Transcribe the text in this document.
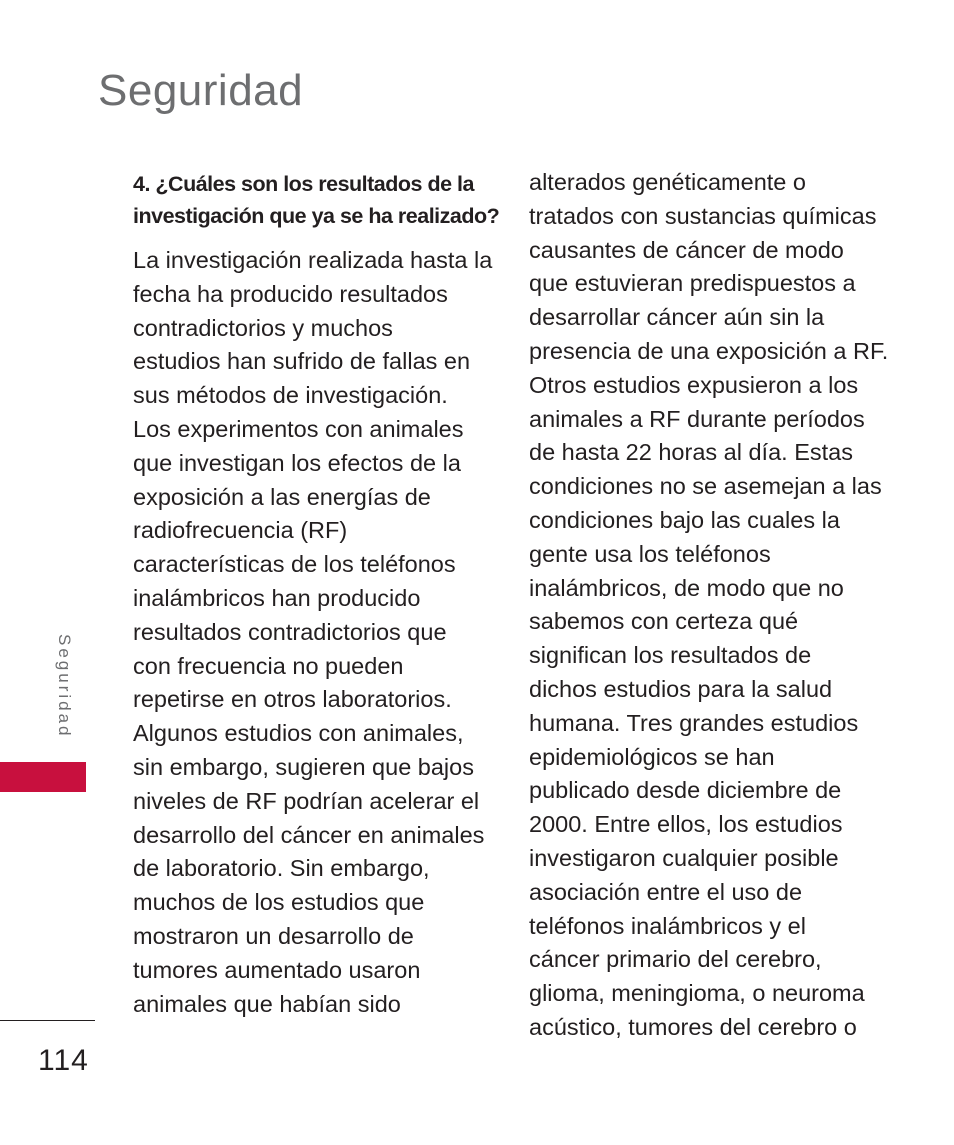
Seguridad
4. ¿Cuáles son los resultados de la
investigación que ya se ha realizado?
La investigación realizada hasta la
fecha ha producido resultados
contradictorios y muchos
estudios han sufrido de fallas en
sus métodos de investigación.
Los experimentos con animales
que investigan los efectos de la
exposición a las energías de
radiofrecuencia (RF)
características de los teléfonos
inalámbricos han producido
resultados contradictorios que
con frecuencia no pueden
repetirse en otros laboratorios.
Algunos estudios con animales,
sin embargo, sugieren que bajos
niveles de RF podrían acelerar el
desarrollo del cáncer en animales
de laboratorio. Sin embargo,
muchos de los estudios que
mostraron un desarrollo de
tumores aumentado usaron
animales que habían sido
alterados genéticamente o
tratados con sustancias químicas
causantes de cáncer de modo
que estuvieran predispuestos a
desarrollar cáncer aún sin la
presencia de una exposición a RF.
Otros estudios expusieron a los
animales a RF durante períodos
de hasta 22 horas al día. Estas
condiciones no se asemejan a las
condiciones bajo las cuales la
gente usa los teléfonos
inalámbricos, de modo que no
sabemos con certeza qué
significan los resultados de
dichos estudios para la salud
humana. Tres grandes estudios
epidemiológicos se han
publicado desde diciembre de
2000. Entre ellos, los estudios
investigaron cualquier posible
asociación entre el uso de
teléfonos inalámbricos y el
cáncer primario del cerebro,
glioma, meningioma, o neuroma
acústico, tumores del cerebro o
Seguridad
114
